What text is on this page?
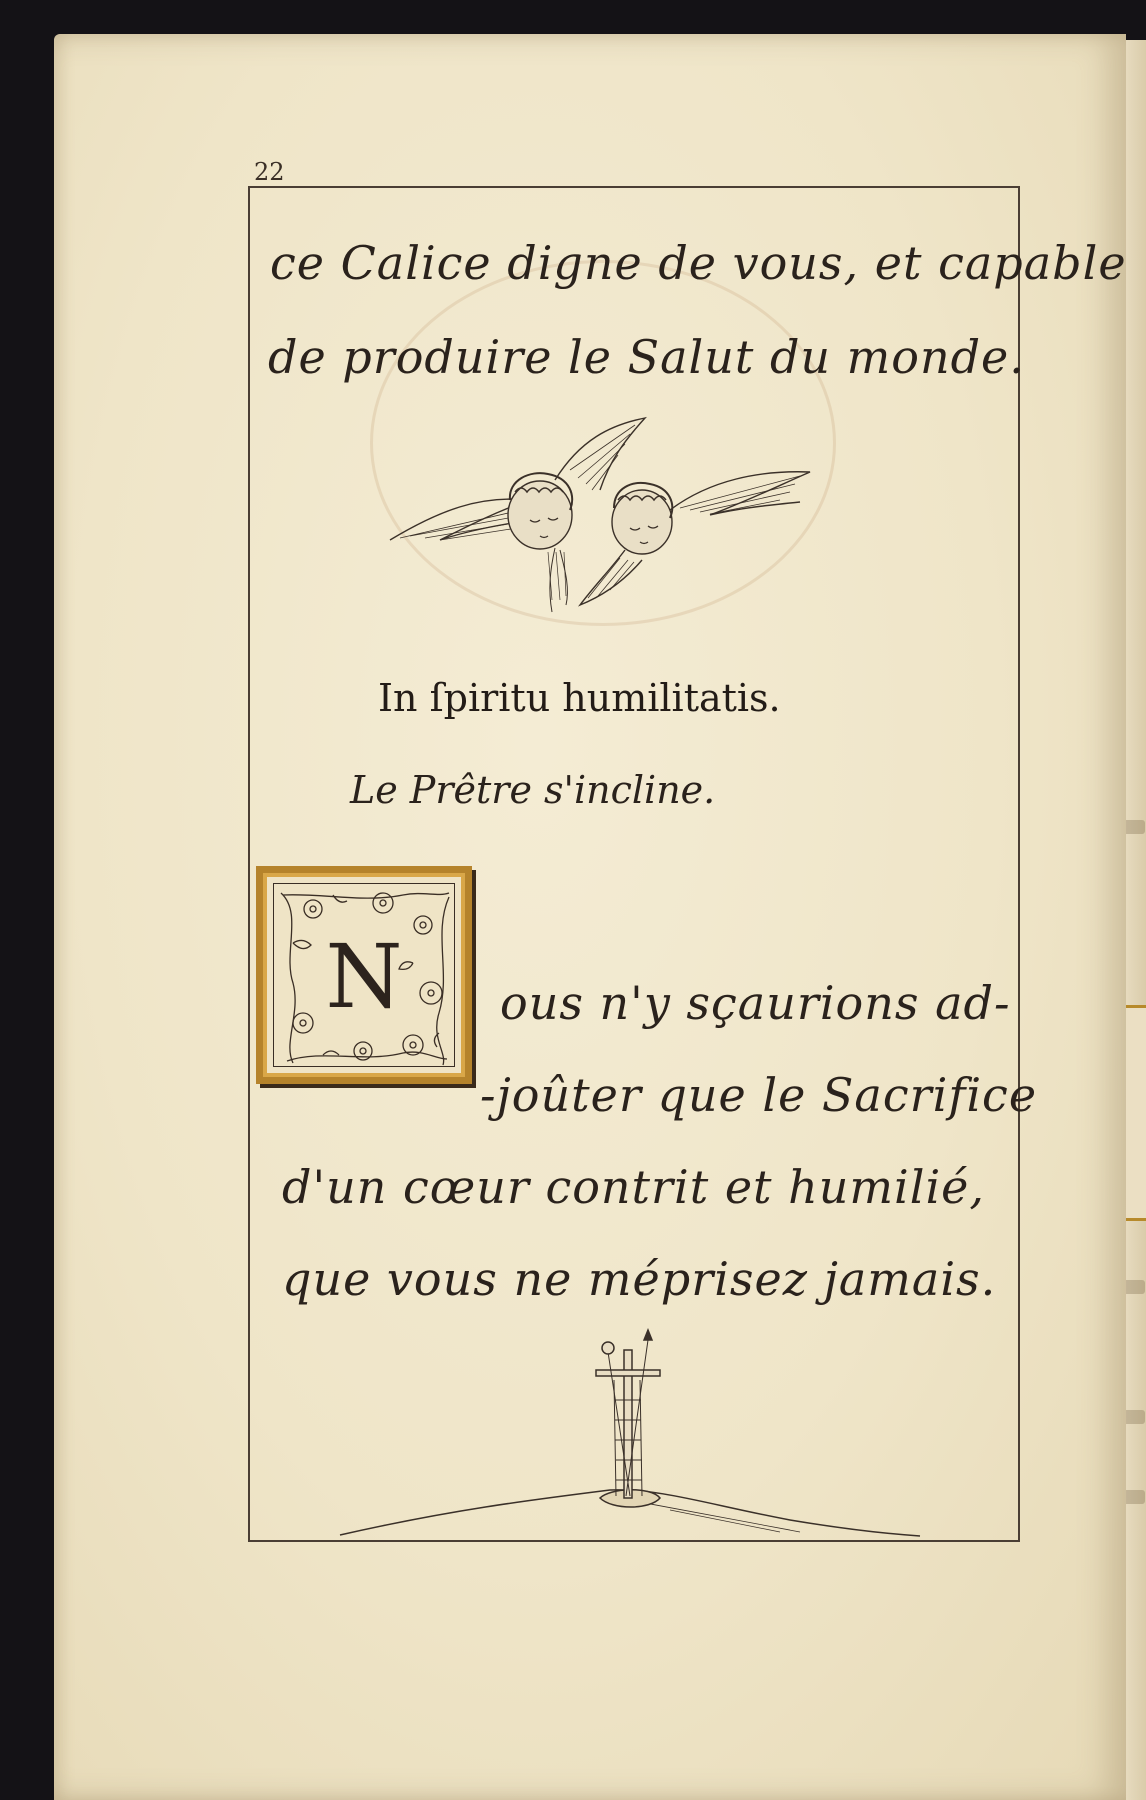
22
ce Calice digne de vous, et capable
de produire le Salut du monde.
In ſpiritu humilitatis.
Le Prêtre s'incline.
N	ous n'y sçaurions ad-
-joûter que le Sacrifice
d'un cœur contrit et humilié,
que vous ne méprisez jamais.
